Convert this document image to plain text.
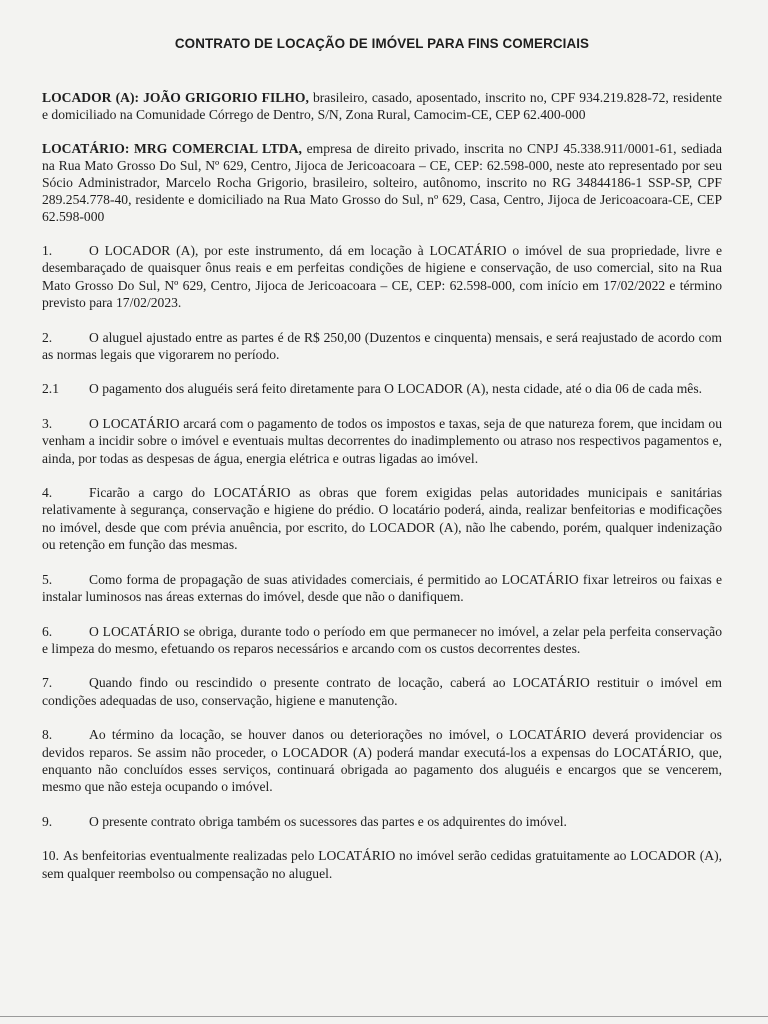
CONTRATO DE LOCAÇÃO DE IMÓVEL PARA FINS COMERCIAIS
LOCADOR (A): JOÃO GRIGORIO FILHO, brasileiro, casado, aposentado, inscrito no, CPF 934.219.828-72, residente e domiciliado na Comunidade Córrego de Dentro, S/N, Zona Rural, Camocim-CE, CEP 62.400-000
LOCATÁRIO: MRG COMERCIAL LTDA, empresa de direito privado, inscrita no CNPJ 45.338.911/0001-61, sediada na Rua Mato Grosso Do Sul, Nº 629, Centro, Jijoca de Jericoacoara – CE, CEP: 62.598-000, neste ato representado por seu Sócio Administrador, Marcelo Rocha Grigorio, brasileiro, solteiro, autônomo, inscrito no RG 34844186-1 SSP-SP, CPF 289.254.778-40, residente e domiciliado na Rua Mato Grosso do Sul, nº 629, Casa, Centro, Jijoca de Jericoacoara-CE, CEP 62.598-000
1.	O LOCADOR (A), por este instrumento, dá em locação à LOCATÁRIO o imóvel de sua propriedade, livre e desembaraçado de quaisquer ônus reais e em perfeitas condições de higiene e conservação, de uso comercial, sito na Rua Mato Grosso Do Sul, Nº 629, Centro, Jijoca de Jericoacoara – CE, CEP: 62.598-000, com início em 17/02/2022 e término previsto para 17/02/2023.

2.	O aluguel ajustado entre as partes é de R$ 250,00 (Duzentos e cinquenta) mensais, e será reajustado de acordo com as normas legais que vigorarem no período.

2.1 O pagamento dos aluguéis será feito diretamente para O LOCADOR (A), nesta cidade, até o dia 06 de cada mês.

3.	O LOCATÁRIO arcará com o pagamento de todos os impostos e taxas, seja de que natureza forem, que incidam ou venham a incidir sobre o imóvel e eventuais multas decorrentes do inadimplemento ou atraso nos respectivos pagamentos e, ainda, por todas as despesas de água, energia elétrica e outras ligadas ao imóvel.

4.	Ficarão a cargo do LOCATÁRIO as obras que forem exigidas pelas autoridades municipais e sanitárias relativamente à segurança, conservação e higiene do prédio. O locatário poderá, ainda, realizar benfeitorias e modificações no imóvel, desde que com prévia anuência, por escrito, do LOCADOR (A), não lhe cabendo, porém, qualquer indenização ou retenção em função das mesmas.

5.	Como forma de propagação de suas atividades comerciais, é permitido ao LOCATÁRIO fixar letreiros ou faixas e instalar luminosos nas áreas externas do imóvel, desde que não o danifiquem.

6.	O LOCATÁRIO se obriga, durante todo o período em que permanecer no imóvel, a zelar pela perfeita conservação e limpeza do mesmo, efetuando os reparos necessários e arcando com os custos decorrentes destes.

7.	Quando findo ou rescindido o presente contrato de locação, caberá ao LOCATÁRIO restituir o imóvel em condições adequadas de uso, conservação, higiene e manutenção.

8.	Ao término da locação, se houver danos ou deteriorações no imóvel, o LOCATÁRIO deverá providenciar os devidos reparos. Se assim não proceder, o LOCADOR (A) poderá mandar executá-los a expensas do LOCATÁRIO, que, enquanto não concluídos esses serviços, continuará obrigada ao pagamento dos aluguéis e encargos que se vencerem, mesmo que não esteja ocupando o imóvel.

9.	O presente contrato obriga também os sucessores das partes e os adquirentes do imóvel.

10. As benfeitorias eventualmente realizadas pelo LOCATÁRIO no imóvel serão cedidas gratuitamente ao LOCADOR (A), sem qualquer reembolso ou compensação no aluguel.
